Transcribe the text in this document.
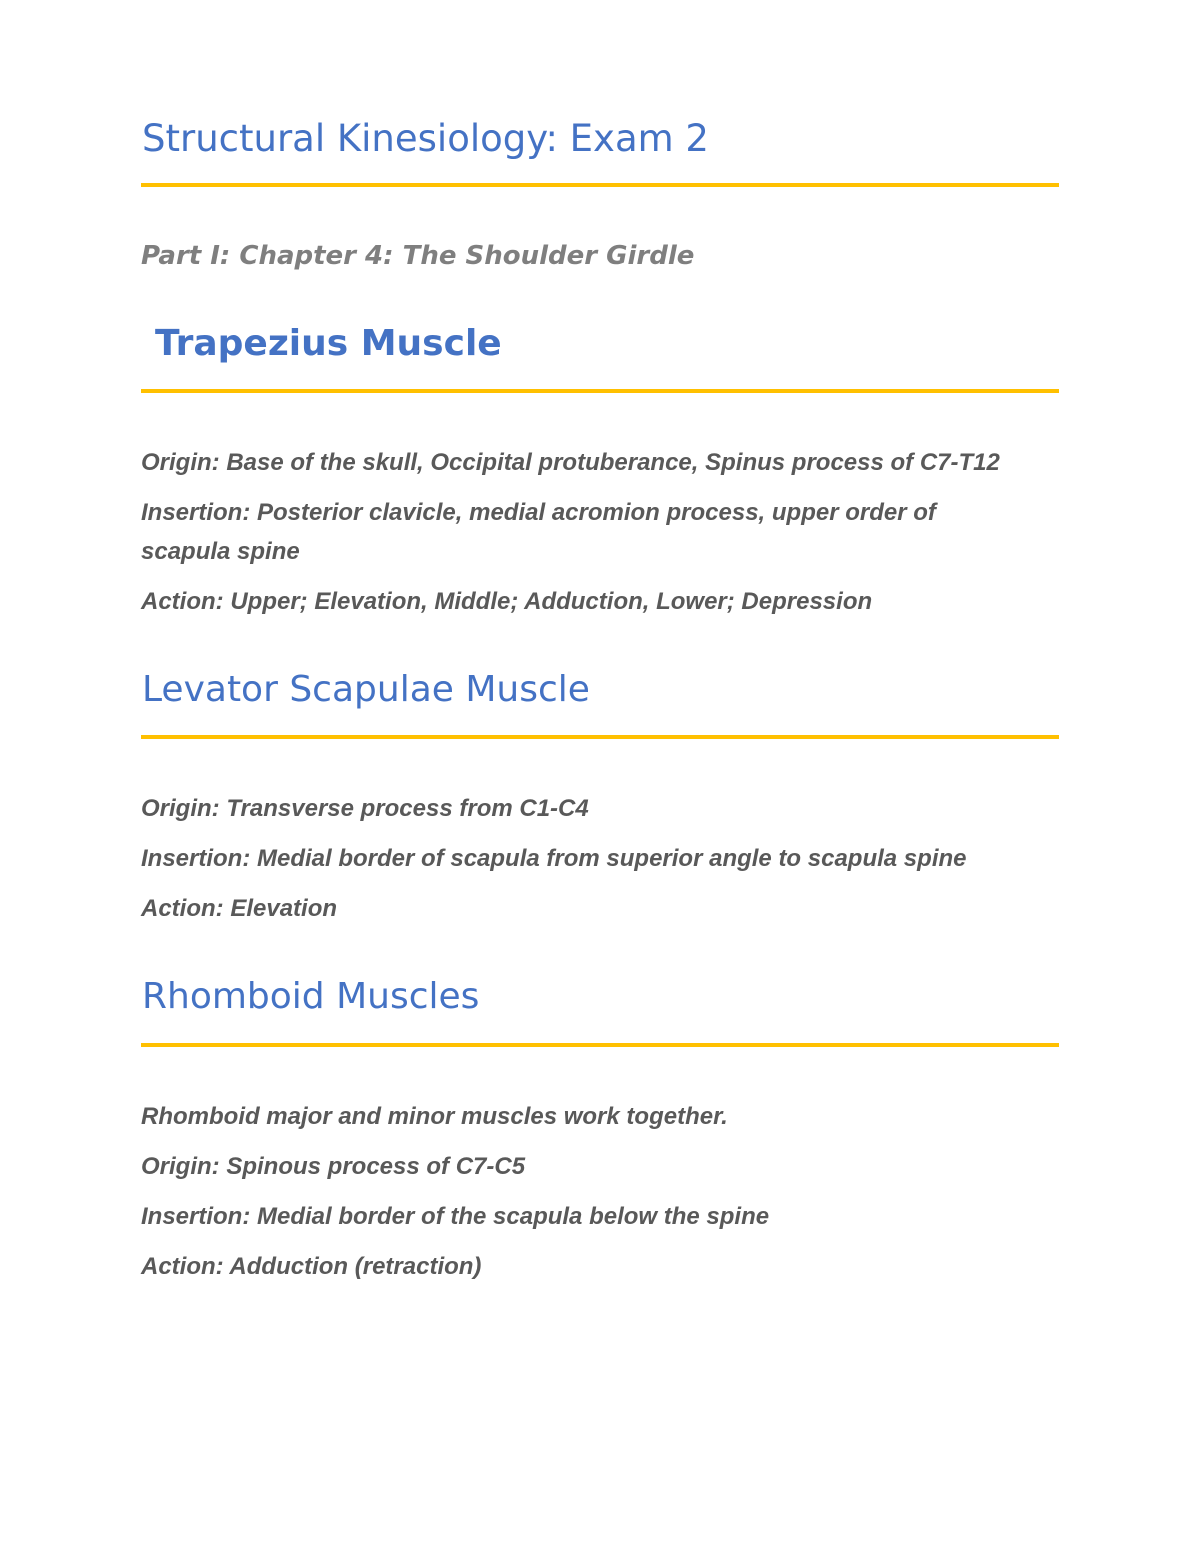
Structural Kinesiology: Exam 2
Part I: Chapter 4: The Shoulder Girdle
Trapezius Muscle

Origin: Base of the skull, Occipital protuberance, Spinus process of C7-T12

Insertion: Posterior clavicle, medial acromion process, upper order of

scapula spine

Action: Upper; Elevation, Middle; Adduction, Lower; Depression

Levator Scapulae Muscle

Origin: Transverse process from C1-C4

Insertion: Medial border of scapula from superior angle to scapula spine

Action: Elevation

Rhomboid Muscles

Rhomboid major and minor muscles work together.

Origin: Spinous process of C7-C5

Insertion: Medial border of the scapula below the spine

Action: Adduction (retraction)
